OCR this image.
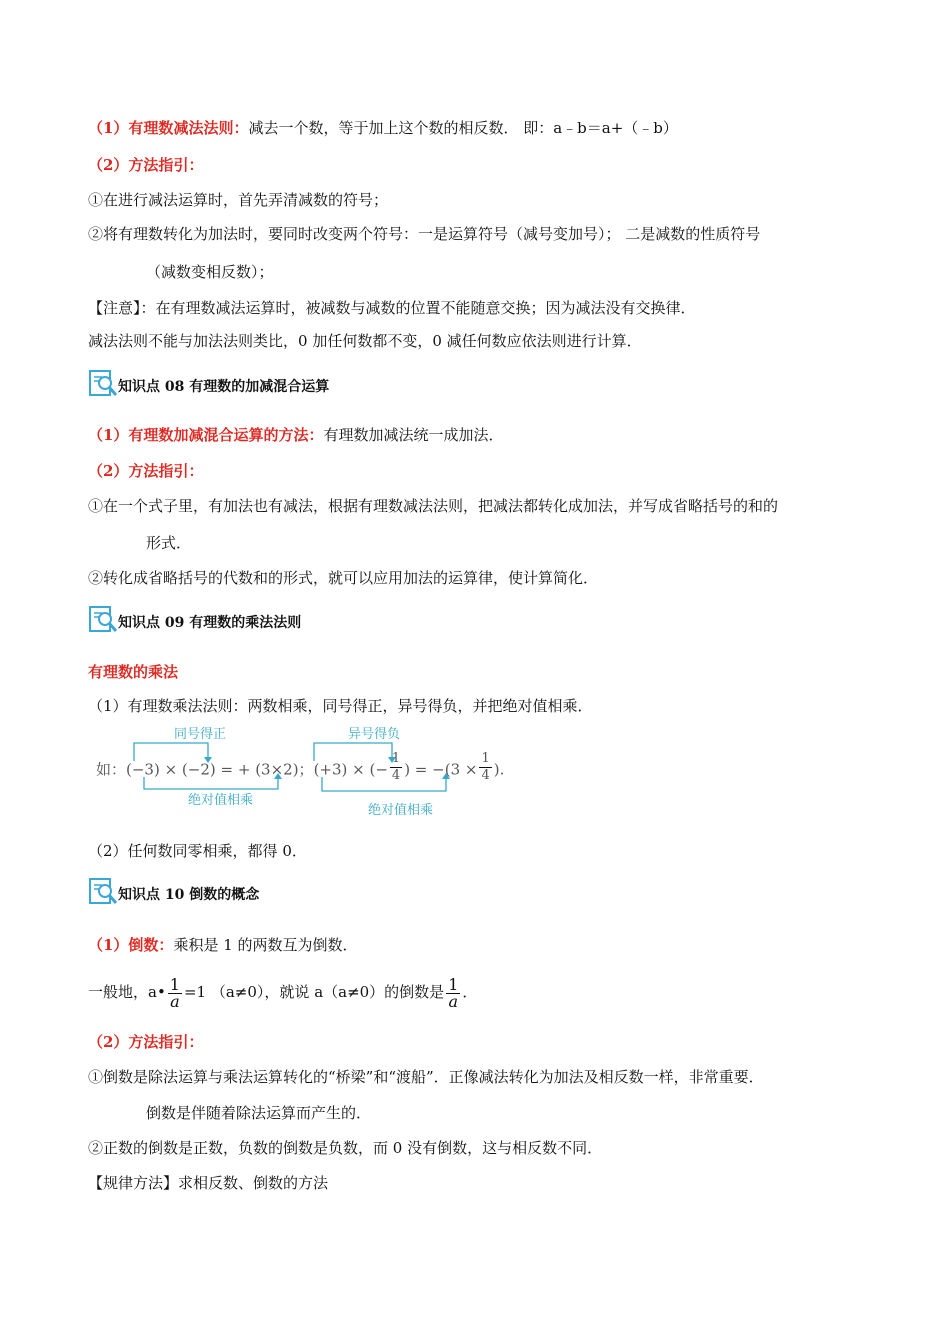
（1）有理数减法法则：减去一个数，等于加上这个数的相反数． 即：a﹣b＝a+（﹣b）
（2）方法指引：
①在进行减法运算时，首先弄清减数的符号；
②将有理数转化为加法时，要同时改变两个符号：一是运算符号（减号变加号）； 二是减数的性质符号
（减数变相反数）；
【注意】：在有理数减法运算时，被减数与减数的位置不能随意交换；因为减法没有交换律．
减法法则不能与加法法则类比，0 加任何数都不变，0 减任何数应依法则进行计算．
知识点 08 有理数的加减混合运算
（1）有理数加减混合运算的方法：有理数加减法统一成加法．
（2）方法指引：
①在一个式子里，有加法也有减法，根据有理数减法法则，把减法都转化成加法，并写成省略括号的和的
形式．
②转化成省略括号的代数和的形式，就可以应用加法的运算律，使计算简化．
知识点 09 有理数的乘法法则
有理数的乘法
（1）有理数乘法法则：两数相乘，同号得正，异号得负，并把绝对值相乘．
同号得正	异号得负
绝对值相乘
绝对值相乘
如：(−3) × (−2) = + (3×2)；(+3) × (− $\frac{1}{4}$ ) = $-(3 \times \frac{1}{4}$ ).
（2）任何数同零相乘，都得 0．
知识点 10 倒数的概念
（1）倒数：乘积是 1 的两数互为倒数．
一般地，a• $\frac{1}{a} =1$ （a≠0），就说 a（a≠0）的倒数是 $\frac{1}{a}$ ．
（2）方法指引：
①倒数是除法运算与乘法运算转化的“桥梁”和“渡船”．正像减法转化为加法及相反数一样，非常重要．
倒数是伴随着除法运算而产生的．
②正数的倒数是正数，负数的倒数是负数，而 0 没有倒数，这与相反数不同．
【规律方法】求相反数、倒数的方法
